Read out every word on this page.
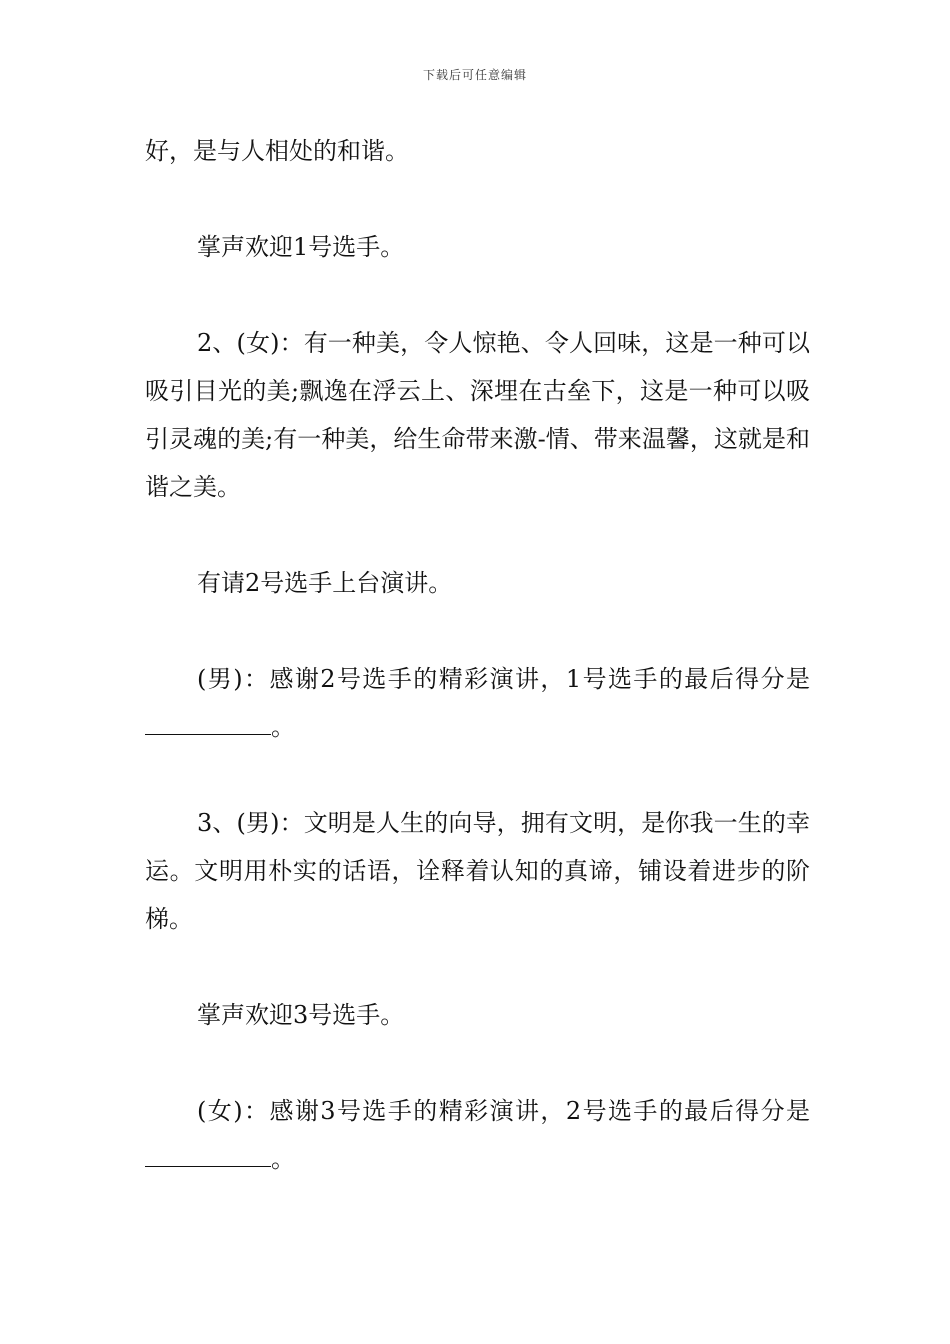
下载后可任意编辑

好，是与人相处的和谐。

掌声欢迎1号选手。

2、(女)：有一种美，令人惊艳、令人回味，这是一种可以吸引目光的美;飘逸在浮云上、深埋在古垒下，这是一种可以吸引灵魂的美;有一种美，给生命带来激-情、带来温馨，这就是和谐之美。

有请2号选手上台演讲。

(男)：感谢2号选手的精彩演讲，1号选手的最后得分是。

3、(男)：文明是人生的向导，拥有文明，是你我一生的幸运。文明用朴实的话语，诠释着认知的真谛，铺设着进步的阶梯。

掌声欢迎3号选手。

(女)：感谢3号选手的精彩演讲，2号选手的最后得分是。
